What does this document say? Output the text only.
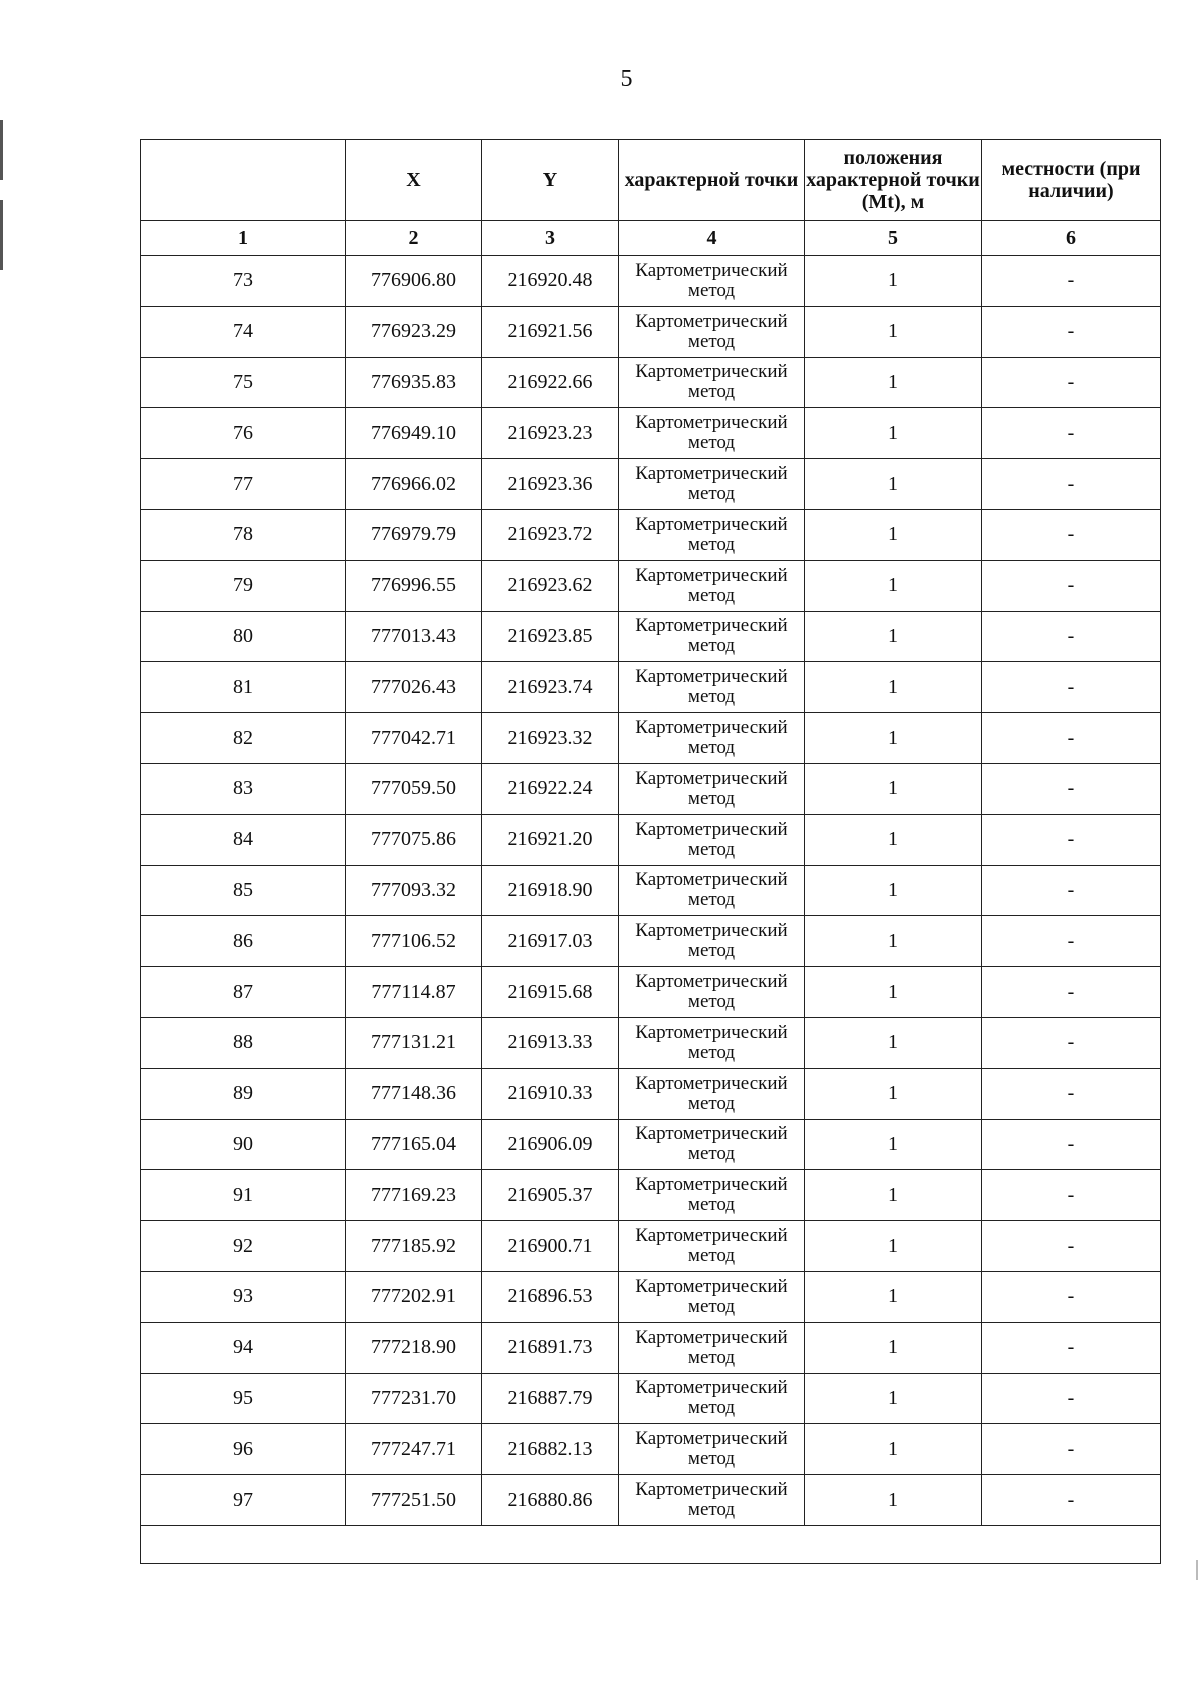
5
	X	Y	характерной точки	положения характерной точки (Mt), м	местности (при наличии)
1	2	3	4	5	6
73	776906.80	216920.48	Картометрический метод	1	-
74	776923.29	216921.56	Картометрический метод	1	-
75	776935.83	216922.66	Картометрический метод	1	-
76	776949.10	216923.23	Картометрический метод	1	-
77	776966.02	216923.36	Картометрический метод	1	-
78	776979.79	216923.72	Картометрический метод	1	-
79	776996.55	216923.62	Картометрический метод	1	-
80	777013.43	216923.85	Картометрический метод	1	-
81	777026.43	216923.74	Картометрический метод	1	-
82	777042.71	216923.32	Картометрический метод	1	-
83	777059.50	216922.24	Картометрический метод	1	-
84	777075.86	216921.20	Картометрический метод	1	-
85	777093.32	216918.90	Картометрический метод	1	-
86	777106.52	216917.03	Картометрический метод	1	-
87	777114.87	216915.68	Картометрический метод	1	-
88	777131.21	216913.33	Картометрический метод	1	-
89	777148.36	216910.33	Картометрический метод	1	-
90	777165.04	216906.09	Картометрический метод	1	-
91	777169.23	216905.37	Картометрический метод	1	-
92	777185.92	216900.71	Картометрический метод	1	-
93	777202.91	216896.53	Картометрический метод	1	-
94	777218.90	216891.73	Картометрический метод	1	-
95	777231.70	216887.79	Картометрический метод	1	-
96	777247.71	216882.13	Картометрический метод	1	-
97	777251.50	216880.86	Картометрический метод	1	-
